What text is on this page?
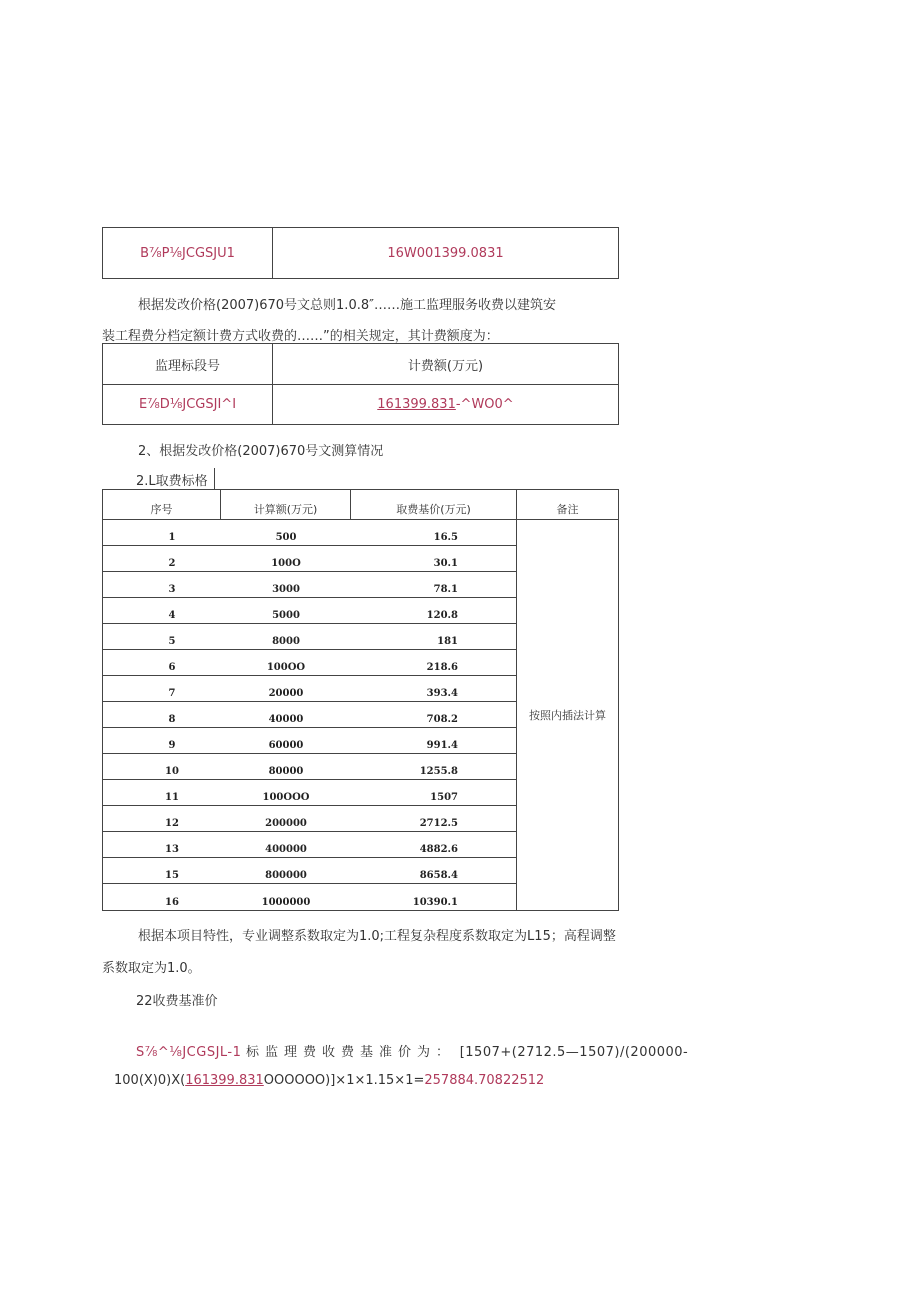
B⅞P⅛JCGSJU1	16W001399.0831
根据发改价格(2007)670号文总则1.0.8″……施工监理服务收费以建筑安
装工程费分档定额计费方式收费的……”的相关规定，其计费额度为：
监理标段号	计费额(万元)
E⅞D⅛JCGSJI^I	161399.831 -^WO0^
2、根据发改价格(2007)670号文测算情况
2.L取费标格
序号	计算额(万元)	取费基价(万元)	备注
1	500	16.5
2	100O	30.1
3	3000	78.1
4	5000	120.8
5	8000	181
6	100OO	218.6
7	20000	393.4
8	40000	708.2
9	60000	991.4
10	80000	1255.8
11	100OOO	1507
12	200000	2712.5
13	400000	4882.6
15	800000	8658.4
16	1000000	10390.1
按照内插法计算
根据本项目特性，专业调整系数取定为1.0;工程复杂程度系数取定为L15；高程调整
系数取定为1.0。
22收费基准价
S⅞^⅛JCGSJL-1 标监理费收费基准价为： [1507+(2712.5—1507)/(200000-
100(X)0)X(161399.831OOOOOO)]×1×1.15×1=257884.70822512
